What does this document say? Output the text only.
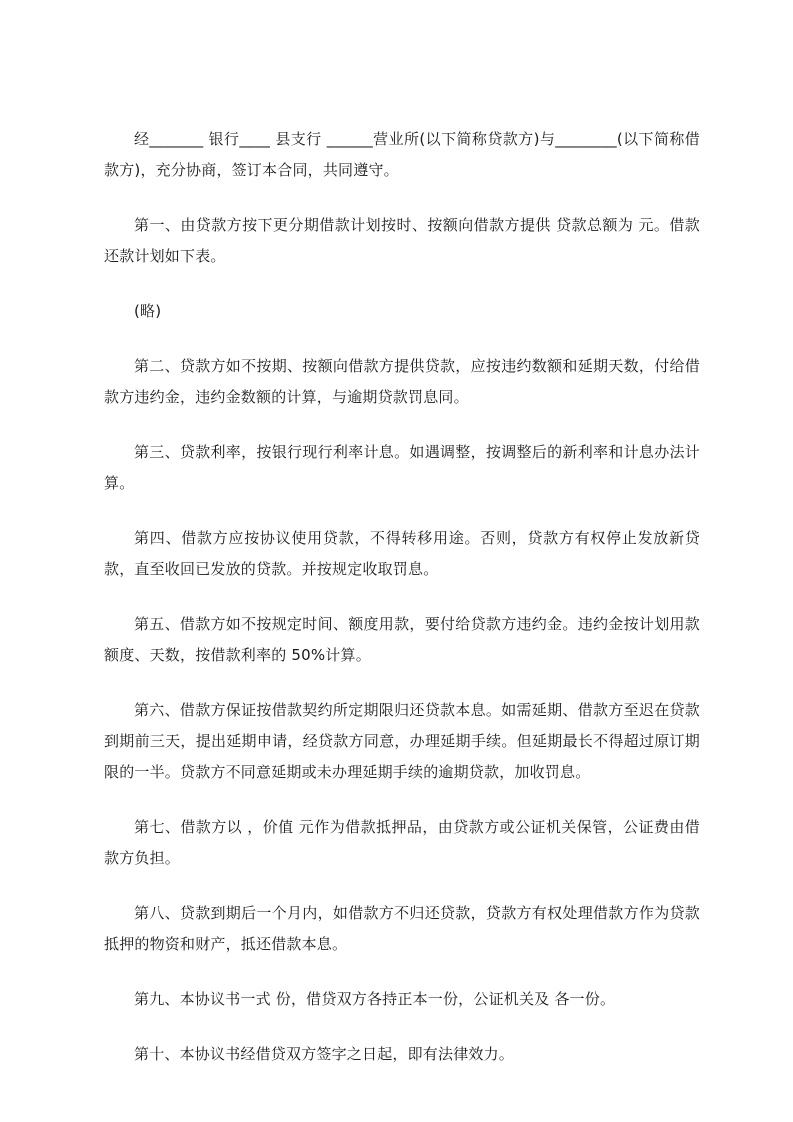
经_______ 银行____ 县支行 ______营业所(以下简称贷款方)与________(以下简称借款方)，充分协商，签订本合同，共同遵守。

第一、由贷款方按下更分期借款计划按时、按额向借款方提供 贷款总额为 元。借款还款计划如下表。

(略)

第二、贷款方如不按期、按额向借款方提供贷款，应按违约数额和延期天数，付给借款方违约金，违约金数额的计算，与逾期贷款罚息同。

第三、贷款利率，按银行现行利率计息。如遇调整，按调整后的新利率和计息办法计算。

第四、借款方应按协议使用贷款，不得转移用途。否则，贷款方有权停止发放新贷款，直至收回已发放的贷款。并按规定收取罚息。

第五、借款方如不按规定时间、额度用款，要付给贷款方违约金。违约金按计划用款额度、天数，按借款利率的 50%计算。

第六、借款方保证按借款契约所定期限归还贷款本息。如需延期、借款方至迟在贷款到期前三天，提出延期申请，经贷款方同意，办理延期手续。但延期最长不得超过原订期限的一半。贷款方不同意延期或未办理延期手续的逾期贷款，加收罚息。

第七、借款方以 ，价值 元作为借款抵押品，由贷款方或公证机关保管，公证费由借款方负担。

第八、贷款到期后一个月内，如借款方不归还贷款，贷款方有权处理借款方作为贷款抵押的物资和财产，抵还借款本息。

第九、本协议书一式 份，借贷双方各持正本一份，公证机关及 各一份。

第十、本协议书经借贷双方签字之日起，即有法律效力。
